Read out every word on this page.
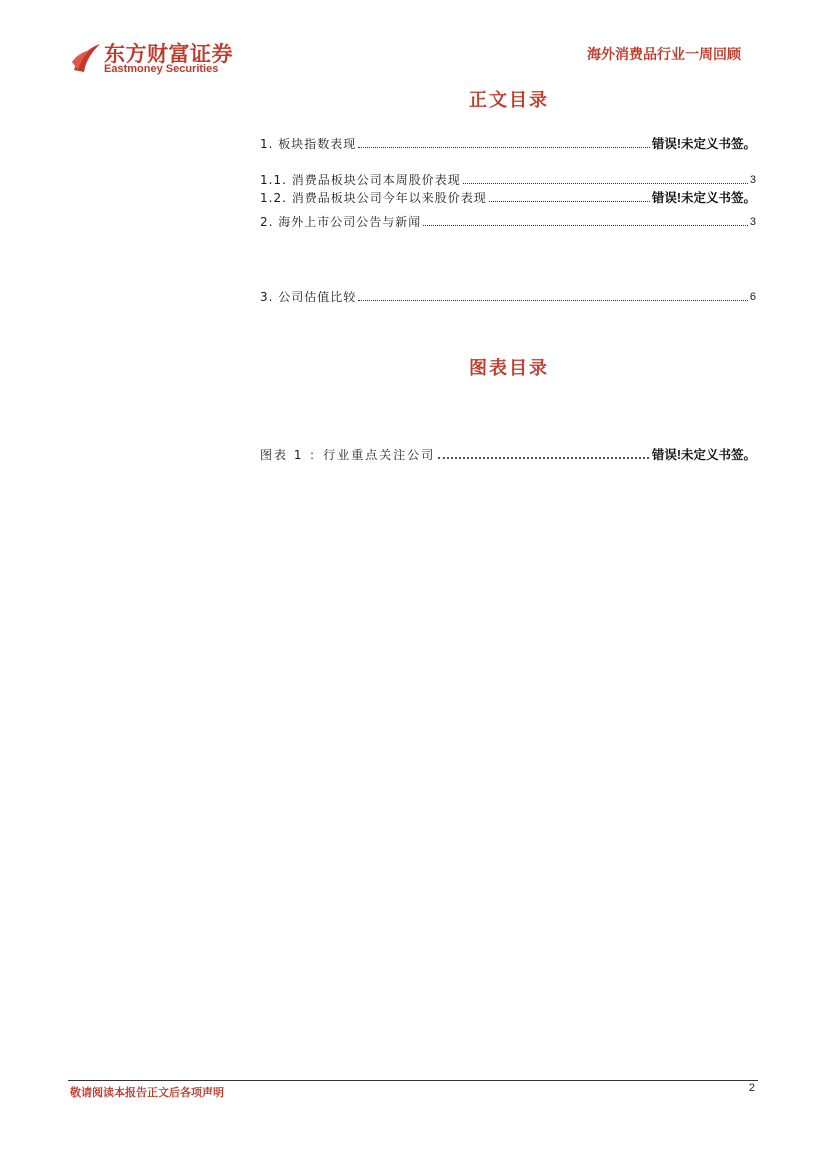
东方财富证券
Eastmoney Securities
海外消费品行业一周回顾
正文目录
1. 板块指数表现	错误!未定义书签。
1.1. 消费品板块公司本周股价表现	3
1.2. 消费品板块公司今年以来股价表现	错误!未定义书签。
2. 海外上市公司公告与新闻	3
3. 公司估值比较	6
图表目录
图表 1 ：行业重点关注公司	错误!未定义书签。
敬请阅读本报告正文后各项声明	2
